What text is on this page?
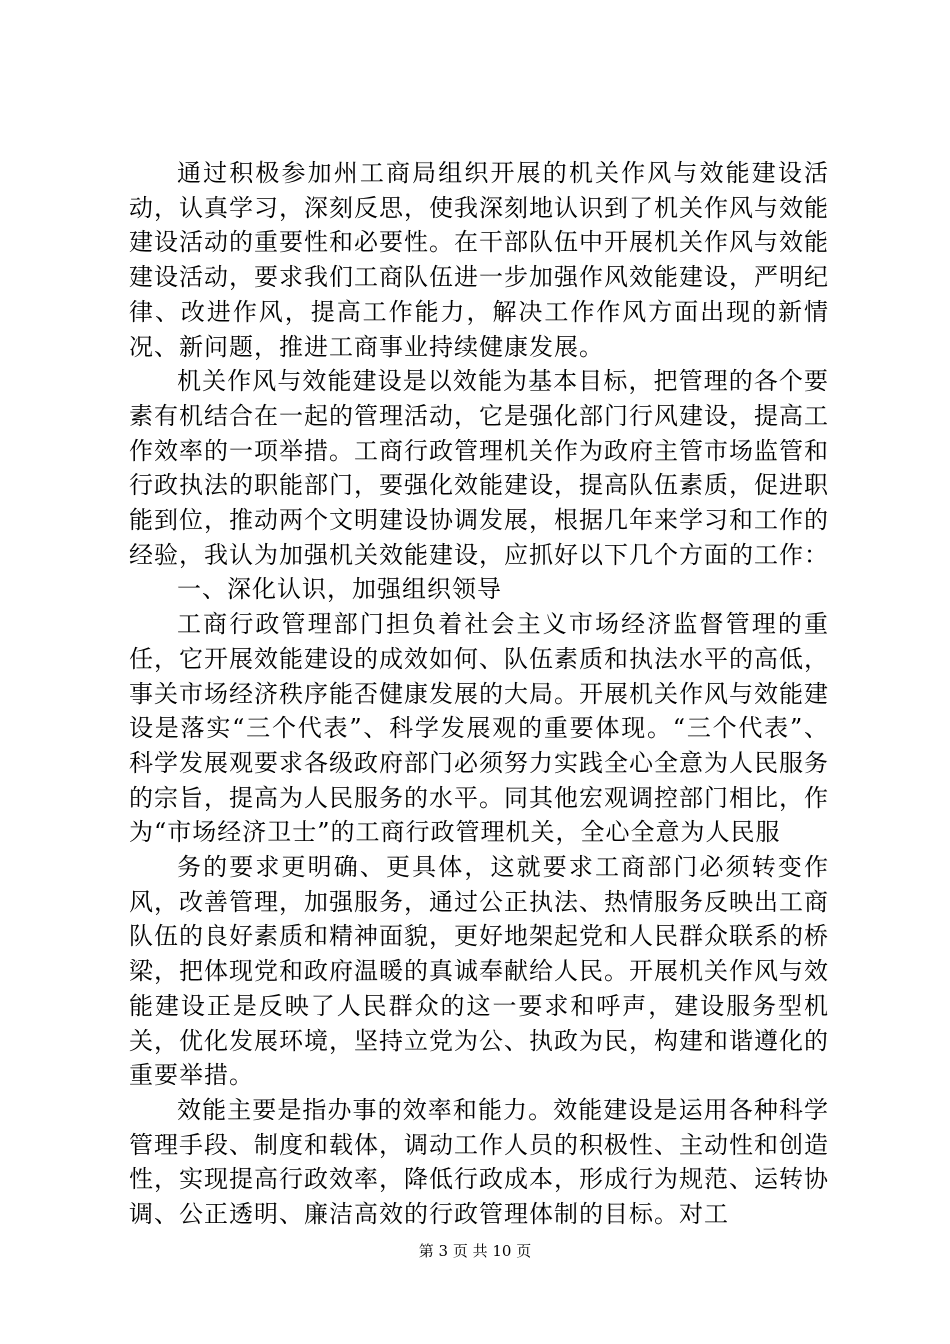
通过积极参加州工商局组织开展的机关作风与效能建设活动，认真学习，深刻反思，使我深刻地认识到了机关作风与效能建设活动的重要性和必要性。在干部队伍中开展机关作风与效能建设活动，要求我们工商队伍进一步加强作风效能建设，严明纪律、改进作风，提高工作能力，解决工作作风方面出现的新情况、新问题，推进工商事业持续健康发展。

机关作风与效能建设是以效能为基本目标，把管理的各个要素有机结合在一起的管理活动，它是强化部门行风建设，提高工作效率的一项举措。工商行政管理机关作为政府主管市场监管和行政执法的职能部门，要强化效能建设，提高队伍素质，促进职能到位，推动两个文明建设协调发展，根据几年来学习和工作的经验，我认为加强机关效能建设，应抓好以下几个方面的工作：

一、深化认识，加强组织领导

工商行政管理部门担负着社会主义市场经济监督管理的重任，它开展效能建设的成效如何、队伍素质和执法水平的高低，事关市场经济秩序能否健康发展的大局。开展机关作风与效能建设是落实“三个代表”、科学发展观的重要体现。“三个代表”、科学发展观要求各级政府部门必须努力实践全心全意为人民服务的宗旨，提高为人民服务的水平。同其他宏观调控部门相比，作为“市场经济卫士”的工商行政管理机关，全心全意为人民服

务的要求更明确、更具体，这就要求工商部门必须转变作风，改善管理，加强服务，通过公正执法、热情服务反映出工商队伍的良好素质和精神面貌，更好地架起党和人民群众联系的桥梁，把体现党和政府温暖的真诚奉献给人民。开展机关作风与效能建设正是反映了人民群众的这一要求和呼声，建设服务型机关，优化发展环境，坚持立党为公、执政为民，构建和谐遵化的重要举措。

效能主要是指办事的效率和能力。效能建设是运用各种科学管理手段、制度和载体，调动工作人员的积极性、主动性和创造性，实现提高行政效率，降低行政成本，形成行为规范、运转协调、公正透明、廉洁高效的行政管理体制的目标。对工

第 3 页 共 10 页
